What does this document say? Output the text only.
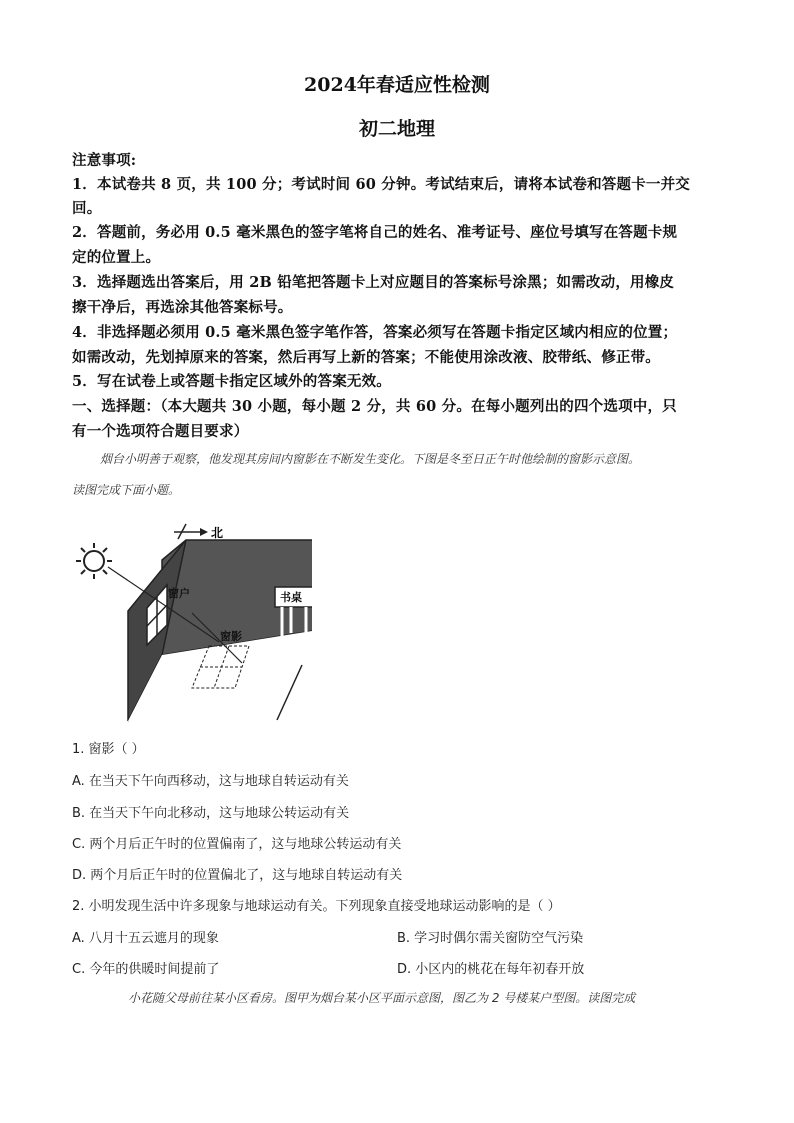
2024年春适应性检测
初二地理
注意事项:
1．本试卷共 8 页，共 100 分；考试时间 60 分钟。考试结束后，请将本试卷和答题卡一并交
回。
2．答题前，务必用 0.5 毫米黑色的签字笔将自己的姓名、准考证号、座位号填写在答题卡规
定的位置上。
3．选择题选出答案后，用 2B 铅笔把答题卡上对应题目的答案标号涂黑；如需改动，用橡皮
擦干净后，再选涂其他答案标号。
4．非选择题必须用 0.5 毫米黑色签字笔作答，答案必须写在答题卡指定区域内相应的位置；
如需改动，先划掉原来的答案，然后再写上新的答案；不能使用涂改液、胶带纸、修正带。
5．写在试卷上或答题卡指定区域外的答案无效。
一、选择题：（本大题共 30 小题，每小题 2 分，共 60 分。在每小题列出的四个选项中，只
有一个选项符合题目要求）
烟台小明善于观察，他发现其房间内窗影在不断发生变化。下图是冬至日正午时他绘制的窗影示意图。
读图完成下面小题。
北
窗户
窗影
书桌
1. 窗影（ ）
A. 在当天下午向西移动，这与地球自转运动有关
B. 在当天下午向北移动，这与地球公转运动有关
C. 两个月后正午时的位置偏南了，这与地球公转运动有关
D. 两个月后正午时的位置偏北了，这与地球自转运动有关
2. 小明发现生活中许多现象与地球运动有关。下列现象直接受地球运动影响的是（ ）
A. 八月十五云遮月的现象	B. 学习时偶尔需关窗防空气污染
C. 今年的供暖时间提前了	D. 小区内的桃花在每年初春开放
小花随父母前往某小区看房。图甲为烟台某小区平面示意图，图乙为 2 号楼某户型图。读图完成
